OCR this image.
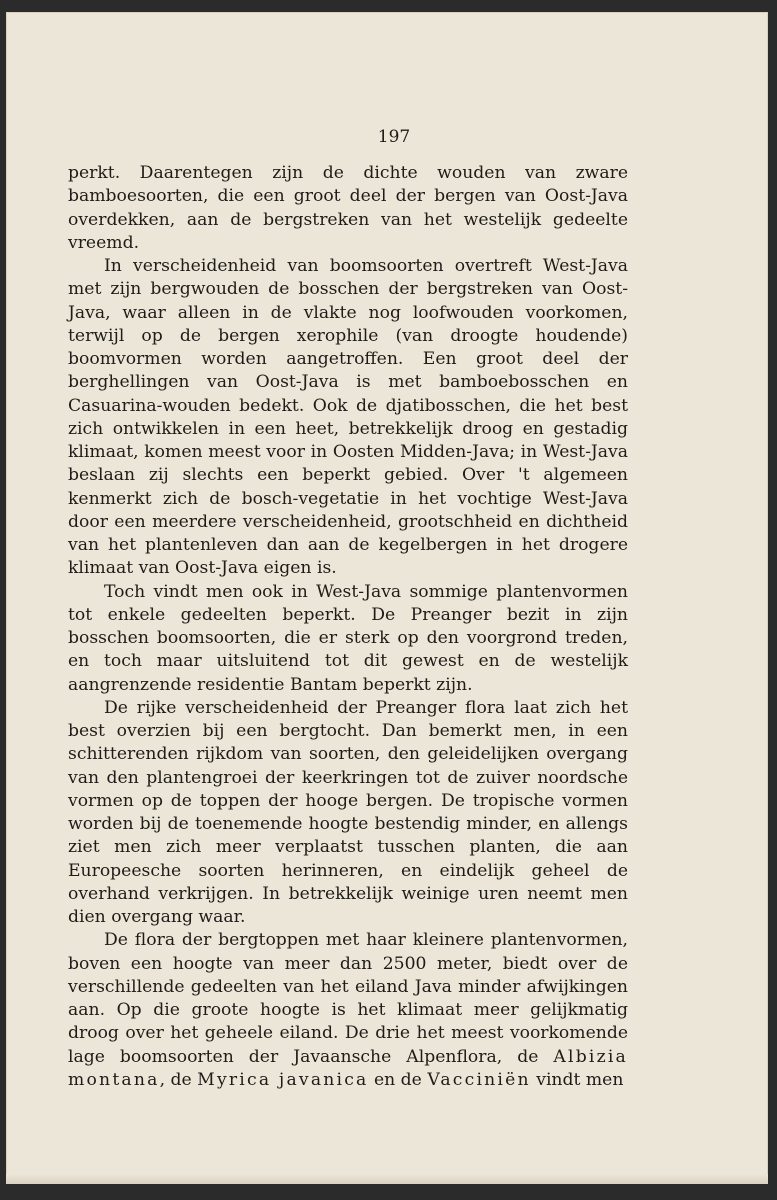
197

perkt. Daarentegen zijn de dichte wouden van zware bamboesoorten, die een groot deel der bergen van Oost-Java overdekken, aan de bergstreken van het westelijk gedeelte vreemd.

In verscheidenheid van boomsoorten overtreft West-Java met zijn bergwouden de bosschen der bergstreken van Oost-Java, waar alleen in de vlakte nog loofwouden voorkomen, terwijl op de bergen xerophile (van droogte houdende) boomvormen worden aangetroffen. Een groot deel der berghellingen van Oost-Java is met bamboebosschen en Casuarina-wouden bedekt. Ook de djatibosschen, die het best zich ontwikkelen in een heet, betrekkelijk droog en gestadig klimaat, komen meest voor in Oosten Midden-Java; in West-Java beslaan zij slechts een beperkt gebied. Over 't algemeen kenmerkt zich de bosch-vegetatie in het vochtige West-Java door een meerdere verscheidenheid, grootschheid en dichtheid van het plantenleven dan aan de kegelbergen in het drogere klimaat van Oost-Java eigen is.

Toch vindt men ook in West-Java sommige plantenvormen tot enkele gedeelten beperkt. De Preanger bezit in zijn bosschen boomsoorten, die er sterk op den voorgrond treden, en toch maar uitsluitend tot dit gewest en de westelijk aangrenzende residentie Bantam beperkt zijn.

De rijke verscheidenheid der Preanger flora laat zich het best overzien bij een bergtocht. Dan bemerkt men, in een schitterenden rijkdom van soorten, den geleidelijken overgang van den plantengroei der keerkringen tot de zuiver noordsche vormen op de toppen der hooge bergen. De tropische vormen worden bij de toenemende hoogte bestendig minder, en allengs ziet men zich meer verplaatst tusschen planten, die aan Europeesche soorten herinneren, en eindelijk geheel de overhand verkrijgen. In betrekkelijk weinige uren neemt men dien overgang waar.

De flora der bergtoppen met haar kleinere plantenvormen, boven een hoogte van meer dan 2500 meter, biedt over de verschillende gedeelten van het eiland Java minder afwijkingen aan. Op die groote hoogte is het klimaat meer gelijkmatig droog over het geheele eiland. De drie het meest voorkomende lage boomsoorten der Javaansche Alpenflora, de Albizia montana, de Myrica javanica en de Vacciniën vindt men
